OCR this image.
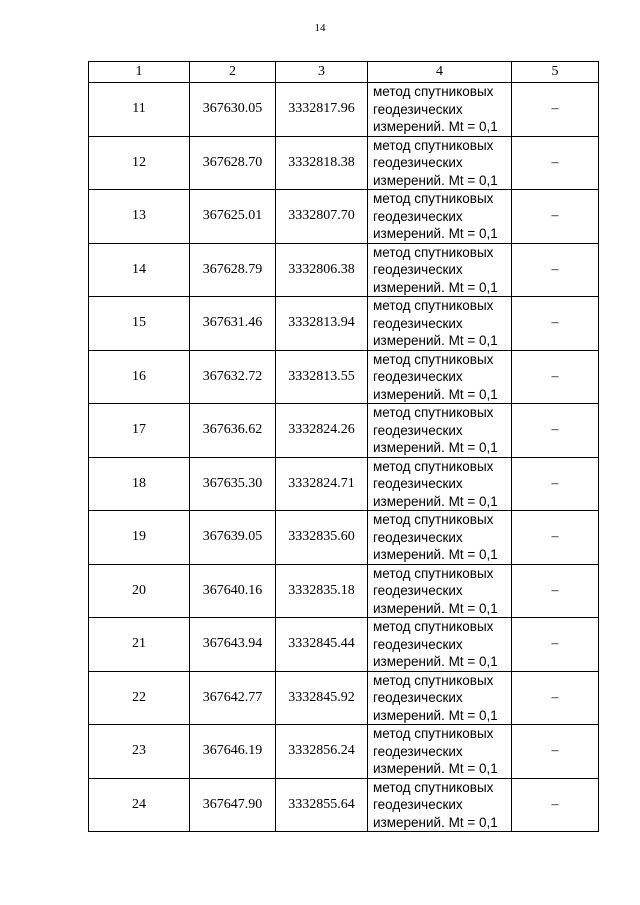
14
1	2	3	4	5
11	367630.05	3332817.96	метод спутниковых
геодезических
измерений. Mt = 0,1	–
12	367628.70	3332818.38	метод спутниковых
геодезических
измерений. Mt = 0,1	–
13	367625.01	3332807.70	метод спутниковых
геодезических
измерений. Mt = 0,1	–
14	367628.79	3332806.38	метод спутниковых
геодезических
измерений. Mt = 0,1	–
15	367631.46	3332813.94	метод спутниковых
геодезических
измерений. Mt = 0,1	–
16	367632.72	3332813.55	метод спутниковых
геодезических
измерений. Mt = 0,1	–
17	367636.62	3332824.26	метод спутниковых
геодезических
измерений. Mt = 0,1	–
18	367635.30	3332824.71	метод спутниковых
геодезических
измерений. Mt = 0,1	–
19	367639.05	3332835.60	метод спутниковых
геодезических
измерений. Mt = 0,1	–
20	367640.16	3332835.18	метод спутниковых
геодезических
измерений. Mt = 0,1	–
21	367643.94	3332845.44	метод спутниковых
геодезических
измерений. Mt = 0,1	–
22	367642.77	3332845.92	метод спутниковых
геодезических
измерений. Mt = 0,1	–
23	367646.19	3332856.24	метод спутниковых
геодезических
измерений. Mt = 0,1	–
24	367647.90	3332855.64	метод спутниковых
геодезических
измерений. Mt = 0,1	–
